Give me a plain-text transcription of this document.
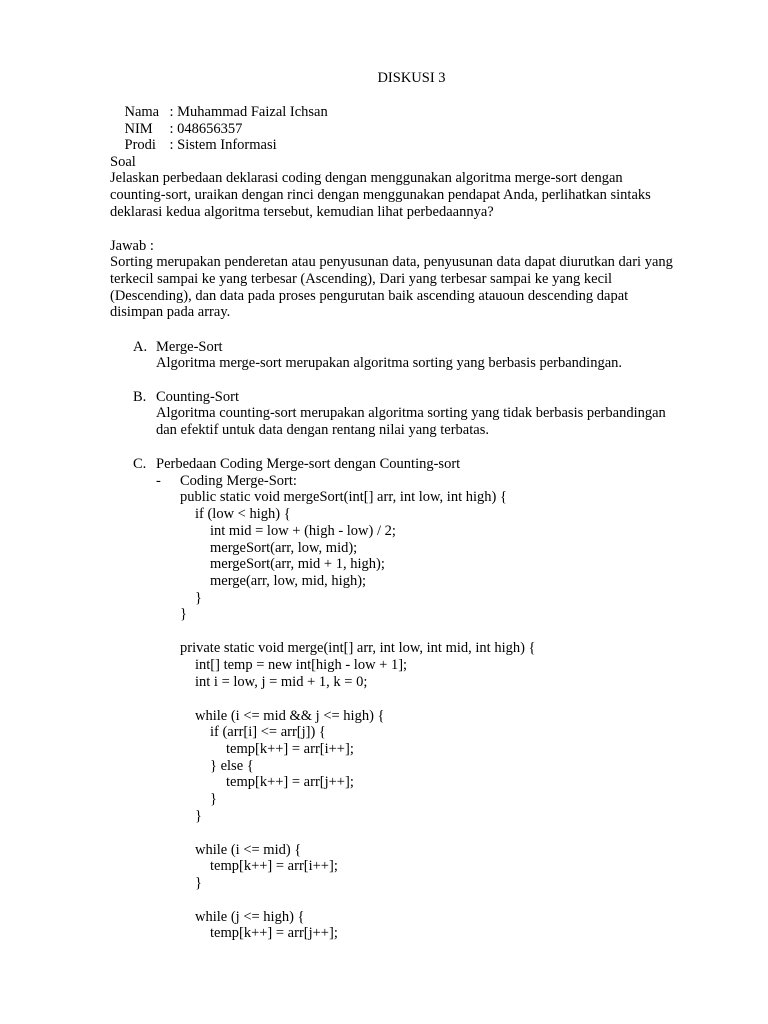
DISKUSI 3

Nama : Muhammad Faizal Ichsan

NIM : 048656357

Prodi : Sistem Informasi

Soal
Jelaskan perbedaan deklarasi coding dengan menggunakan algoritma merge-sort dengan
counting-sort, uraikan dengan rinci dengan menggunakan pendapat Anda, perlihatkan sintaks
deklarasi kedua algoritma tersebut, kemudian lihat perbedaannya?
Jawab :
Sorting merupakan penderetan atau penyusunan data, penyusunan data dapat diurutkan dari yang
terkecil sampai ke yang terbesar (Ascending), Dari yang terbesar sampai ke yang kecil
(Descending), dan data pada proses pengurutan baik ascending atauoun descending dapat
disimpan pada array.
A. Merge-Sort
Algoritma merge-sort merupakan algoritma sorting yang berbasis perbandingan.
B. Counting-Sort
Algoritma counting-sort merupakan algoritma sorting yang tidak berbasis perbandingan
dan efektif untuk data dengan rentang nilai yang terbatas.
C. Perbedaan Coding Merge-sort dengan Counting-sort
- Coding Merge-Sort:
public static void mergeSort(int[] arr, int low, int high) {
if (low < high) {
int mid = low + (high - low) / 2;
mergeSort(arr, low, mid);
mergeSort(arr, mid + 1, high);
merge(arr, low, mid, high);
}
}
private static void merge(int[] arr, int low, int mid, int high) {
int[] temp = new int[high - low + 1];
int i = low, j = mid + 1, k = 0;
while (i <= mid && j <= high) {
if (arr[i] <= arr[j]) {
temp[k++] = arr[i++];
} else {
temp[k++] = arr[j++];
}
}
while (i <= mid) {
temp[k++] = arr[i++];
}
while (j <= high) {
temp[k++] = arr[j++];
